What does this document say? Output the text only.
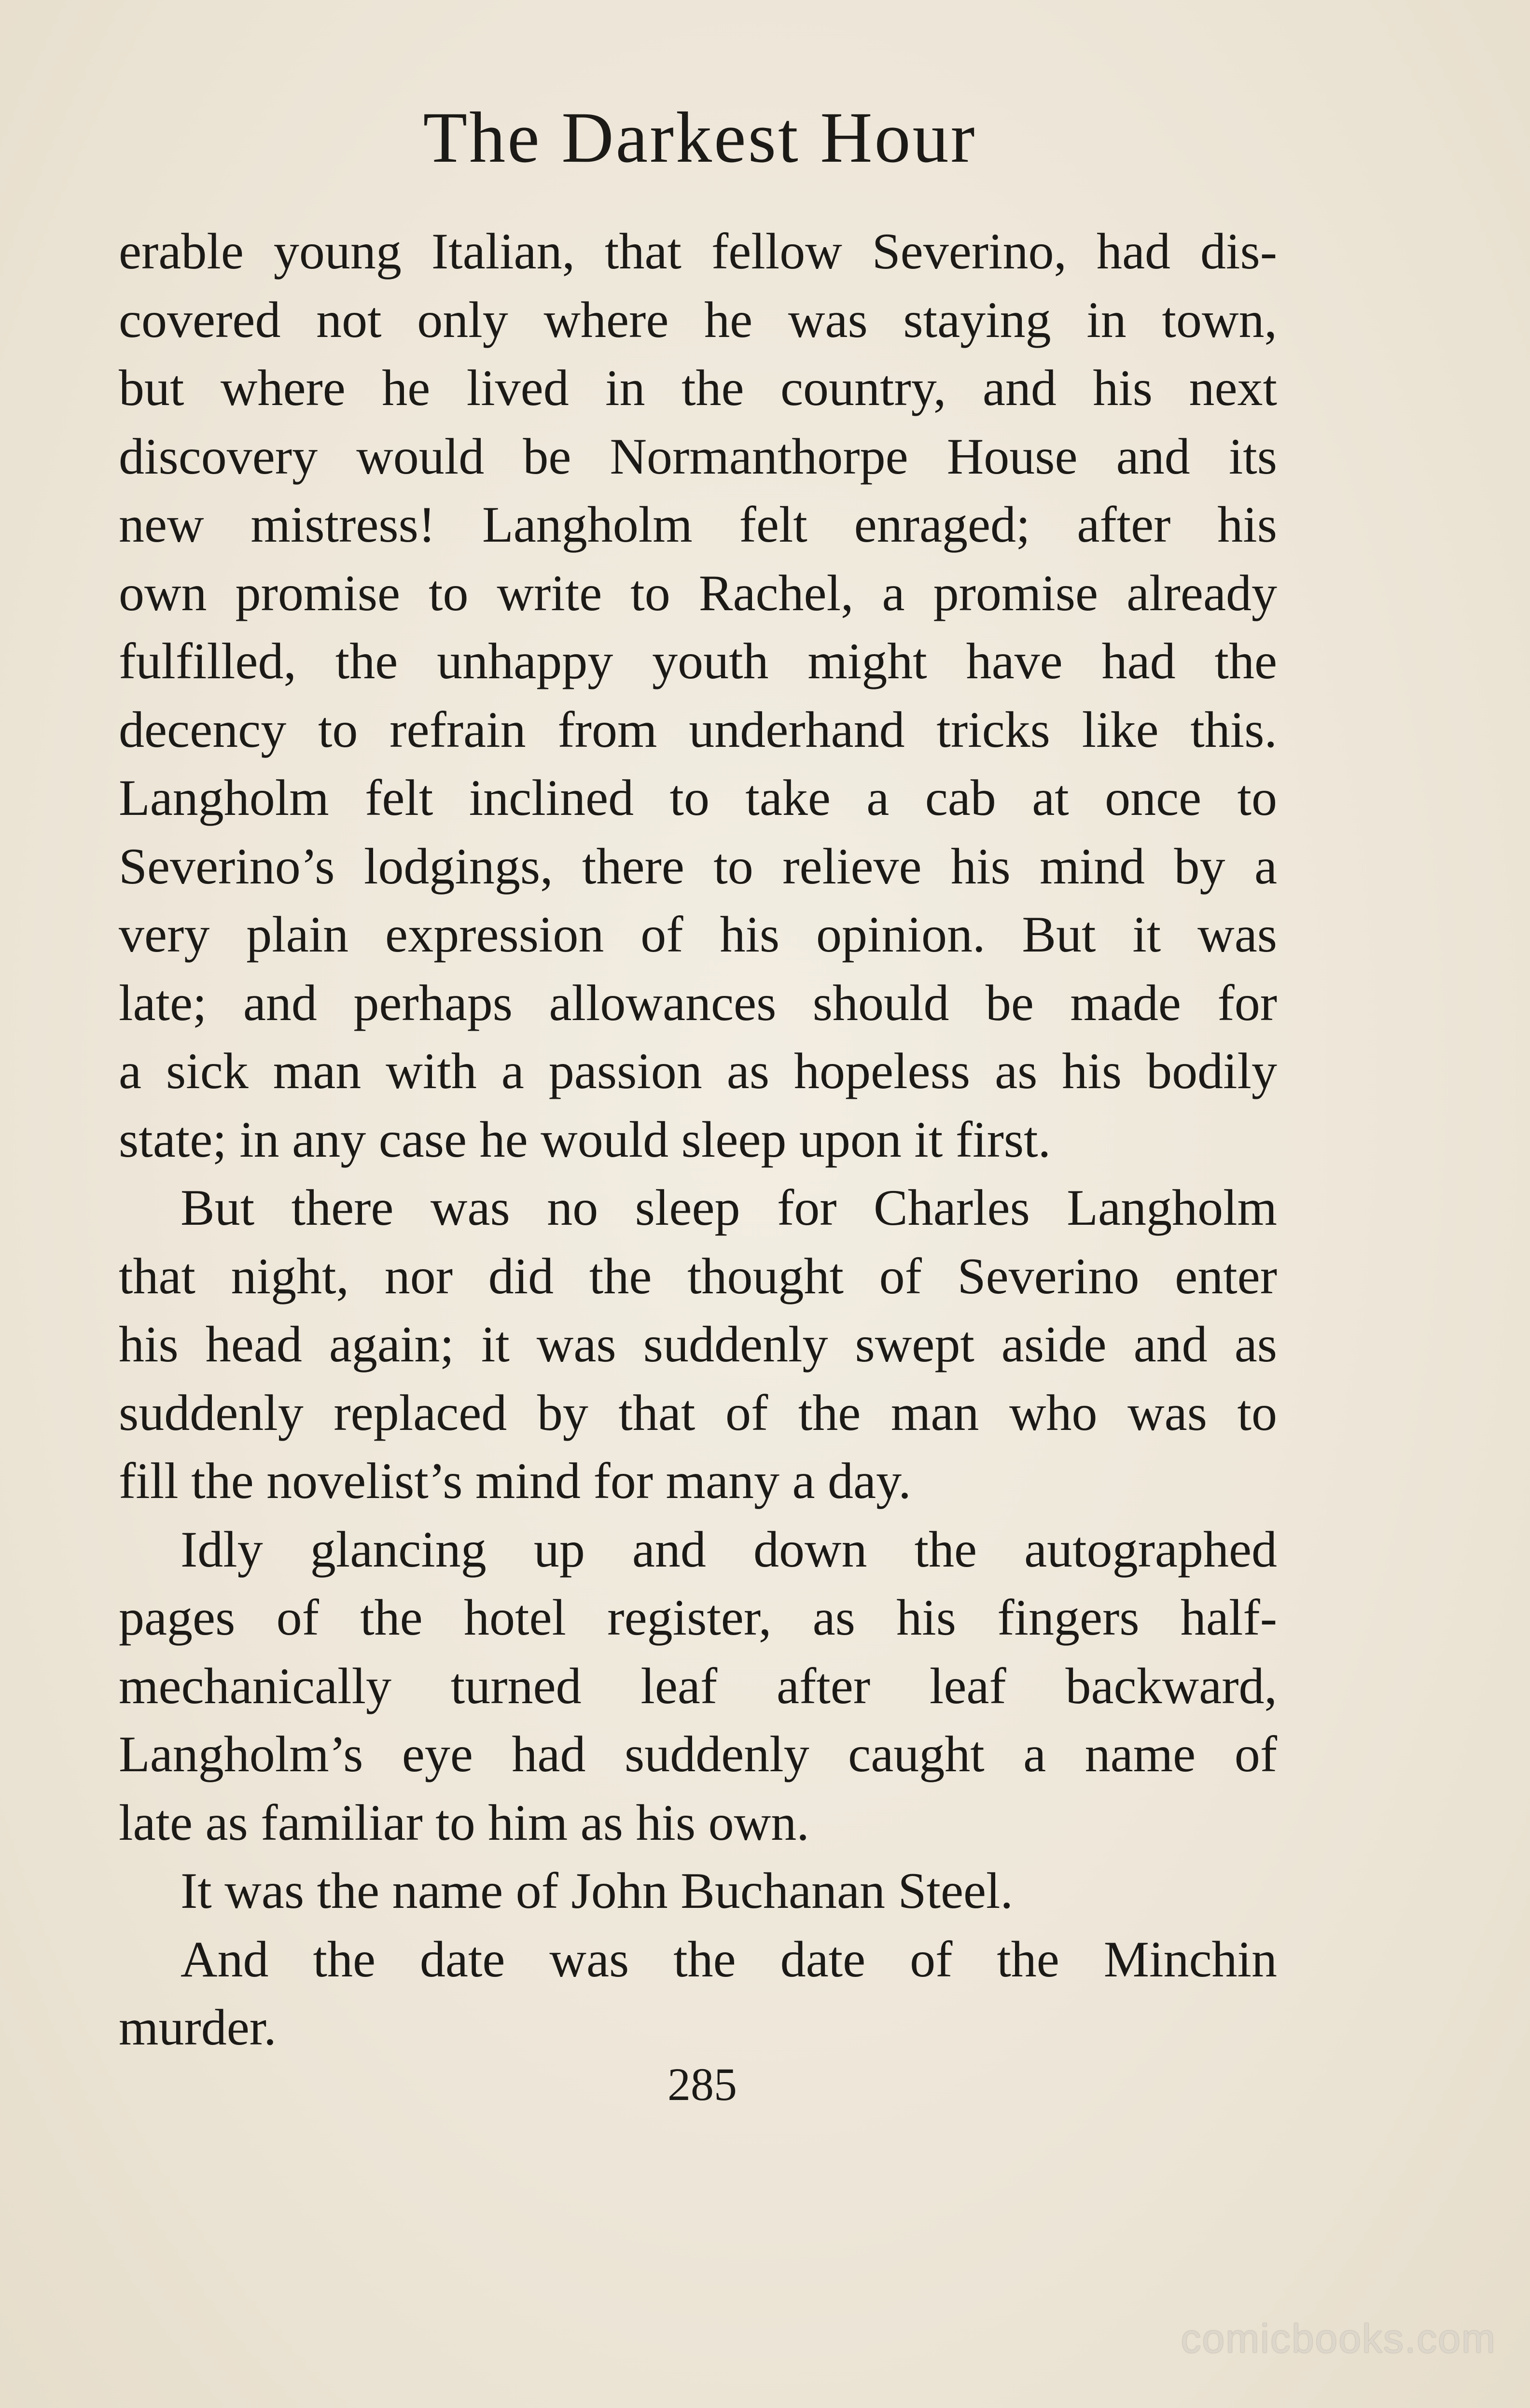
The Darkest Hour
erable young Italian, that fellow Severino, had dis-
covered not only where he was staying in town,
but where he lived in the country, and his next
discovery would be Normanthorpe House and its
new mistress! Langholm felt enraged; after his
own promise to write to Rachel, a promise already
fulfilled, the unhappy youth might have had the
decency to refrain from underhand tricks like this.
Langholm felt inclined to take a cab at once to
Severino’s lodgings, there to relieve his mind by a
very plain expression of his opinion. But it was
late; and perhaps allowances should be made for
a sick man with a passion as hopeless as his bodily
state; in any case he would sleep upon it first.
But there was no sleep for Charles Langholm
that night, nor did the thought of Severino enter
his head again; it was suddenly swept aside and as
suddenly replaced by that of the man who was to
fill the novelist’s mind for many a day.
Idly glancing up and down the autographed
pages of the hotel register, as his fingers half-
mechanically turned leaf after leaf backward,
Langholm’s eye had suddenly caught a name of
late as familiar to him as his own.
It was the name of John Buchanan Steel.
And the date was the date of the Minchin
murder.
285
comicbooks.com
